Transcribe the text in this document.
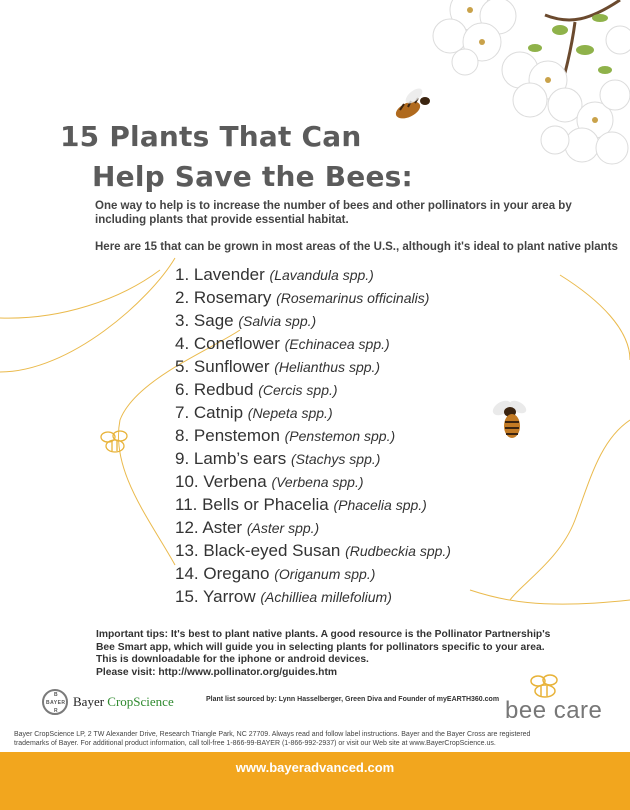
15 Plants That Can
Help Save the Bees:
One way to help is to increase the number of bees and other pollinators in your area by including plants that provide essential habitat.
Here are 15 that can be grown in most areas of the U.S., although it's ideal to plant native plants
1. Lavender (Lavandula spp.)
2. Rosemary (Rosemarinus officinalis)
3. Sage (Salvia spp.)
4. Coneflower (Echinacea spp.)
5. Sunflower (Helianthus spp.)
6. Redbud (Cercis spp.)
7. Catnip (Nepeta spp.)
8. Penstemon (Penstemon spp.)
9. Lamb’s ears (Stachys spp.)
10. Verbena (Verbena spp.)
11. Bells or Phacelia (Phacelia spp.)
12. Aster (Aster spp.)
13. Black-eyed Susan (Rudbeckia spp.)
14. Oregano (Origanum spp.)
15. Yarrow (Achilliea millefolium)
Important tips: It's best to plant native plants. A good resource is the Pollinator Partnership's
Bee Smart app, which will guide you in selecting plants for pollinators specific to your area.
This is downloadable for the iphone or android devices.
Please visit: http://www.pollinator.org/guides.htm
B
BAYER
R
Bayer CropScience	Plant list sourced by: Lynn Hasselberger, Green Diva and Founder of myEARTH360.com bee care
Bayer CropScience LP, 2 TW Alexander Drive, Research Triangle Park, NC 27709. Always read and follow label instructions. Bayer and the Bayer Cross are registered
trademarks of Bayer. For additional product information, call toll-free 1-866-99-BAYER (1-866-992-2937) or visit our Web site at www.BayerCropScience.us.
www.bayeradvanced.com
